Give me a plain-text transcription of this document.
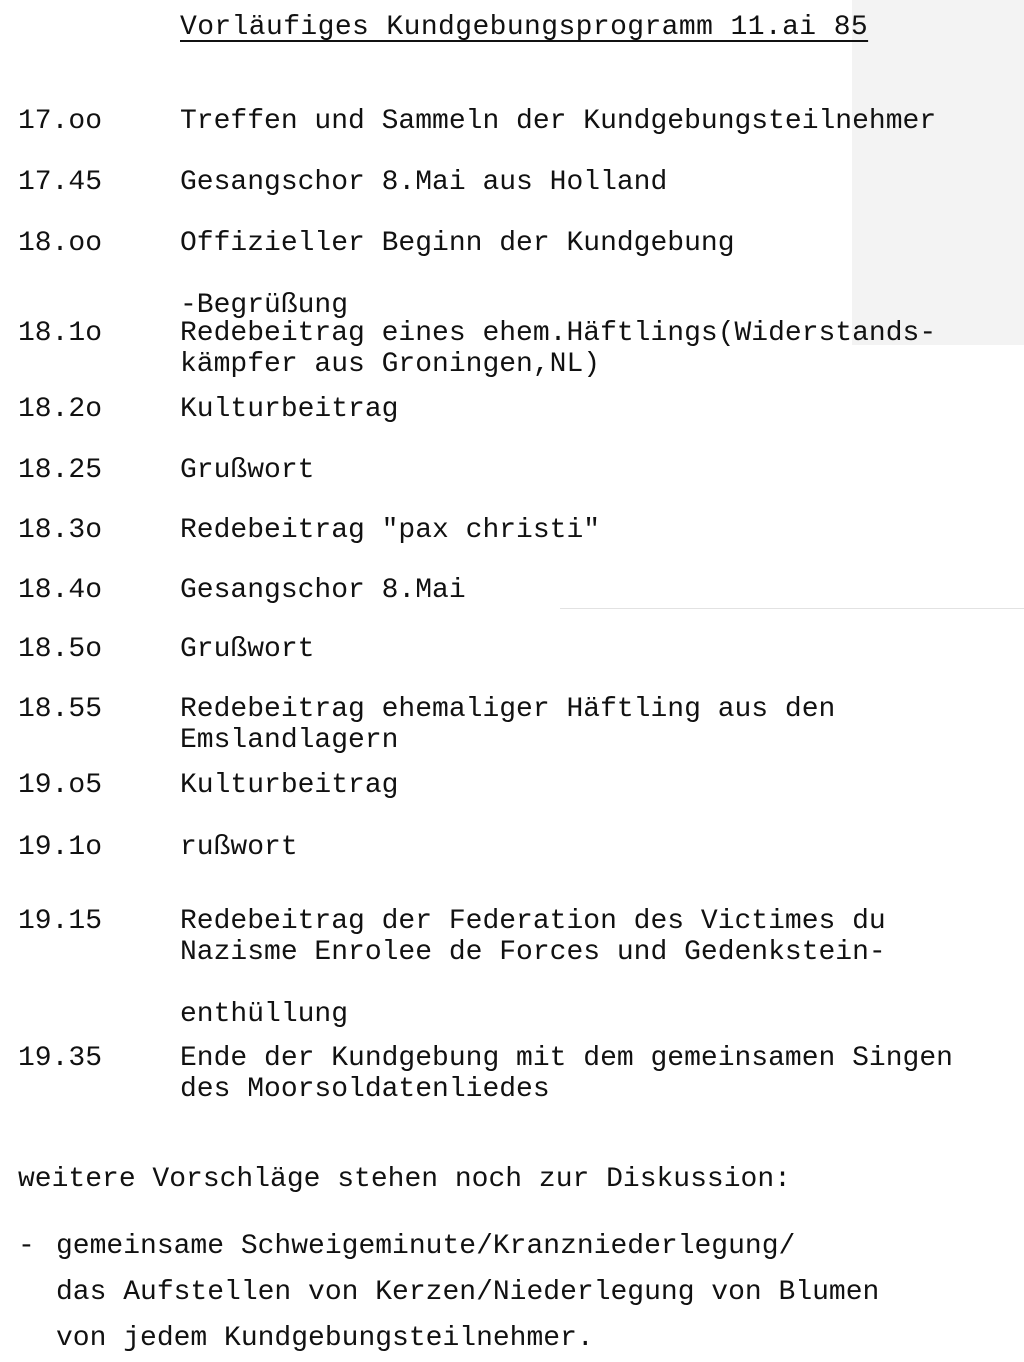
Vorläufiges Kundgebungsprogramm 11.ai 85
17.oo	Treffen und Sammeln der Kundgebungsteilnehmer
17.45	Gesangschor 8.Mai aus Holland
18.oo	Offizieller Beginn der Kundgebung

-Begrüßung
18.1o	Redebeitrag eines ehem.Häftlings(Widerstands-
kämpfer aus Groningen,NL)
18.2o	Kulturbeitrag
18.25	Grußwort
18.3o	Redebeitrag "pax christi"
18.4o	Gesangschor 8.Mai
18.5o	Grußwort
18.55	Redebeitrag ehemaliger Häftling aus den
Emslandlagern
19.o5	Kulturbeitrag
19.1o	rußwort
19.15	Redebeitrag der Federation des Victimes du
Nazisme Enrolee de Forces und Gedenkstein-

enthüllung
19.35	Ende der Kundgebung mit dem gemeinsamen Singen
des Moorsoldatenliedes
weitere Vorschläge stehen noch zur Diskussion:
- gemeinsame Schweigeminute/Kranzniederlegung/
das Aufstellen von Kerzen/Niederlegung von Blumen
von jedem Kundgebungsteilnehmer.
